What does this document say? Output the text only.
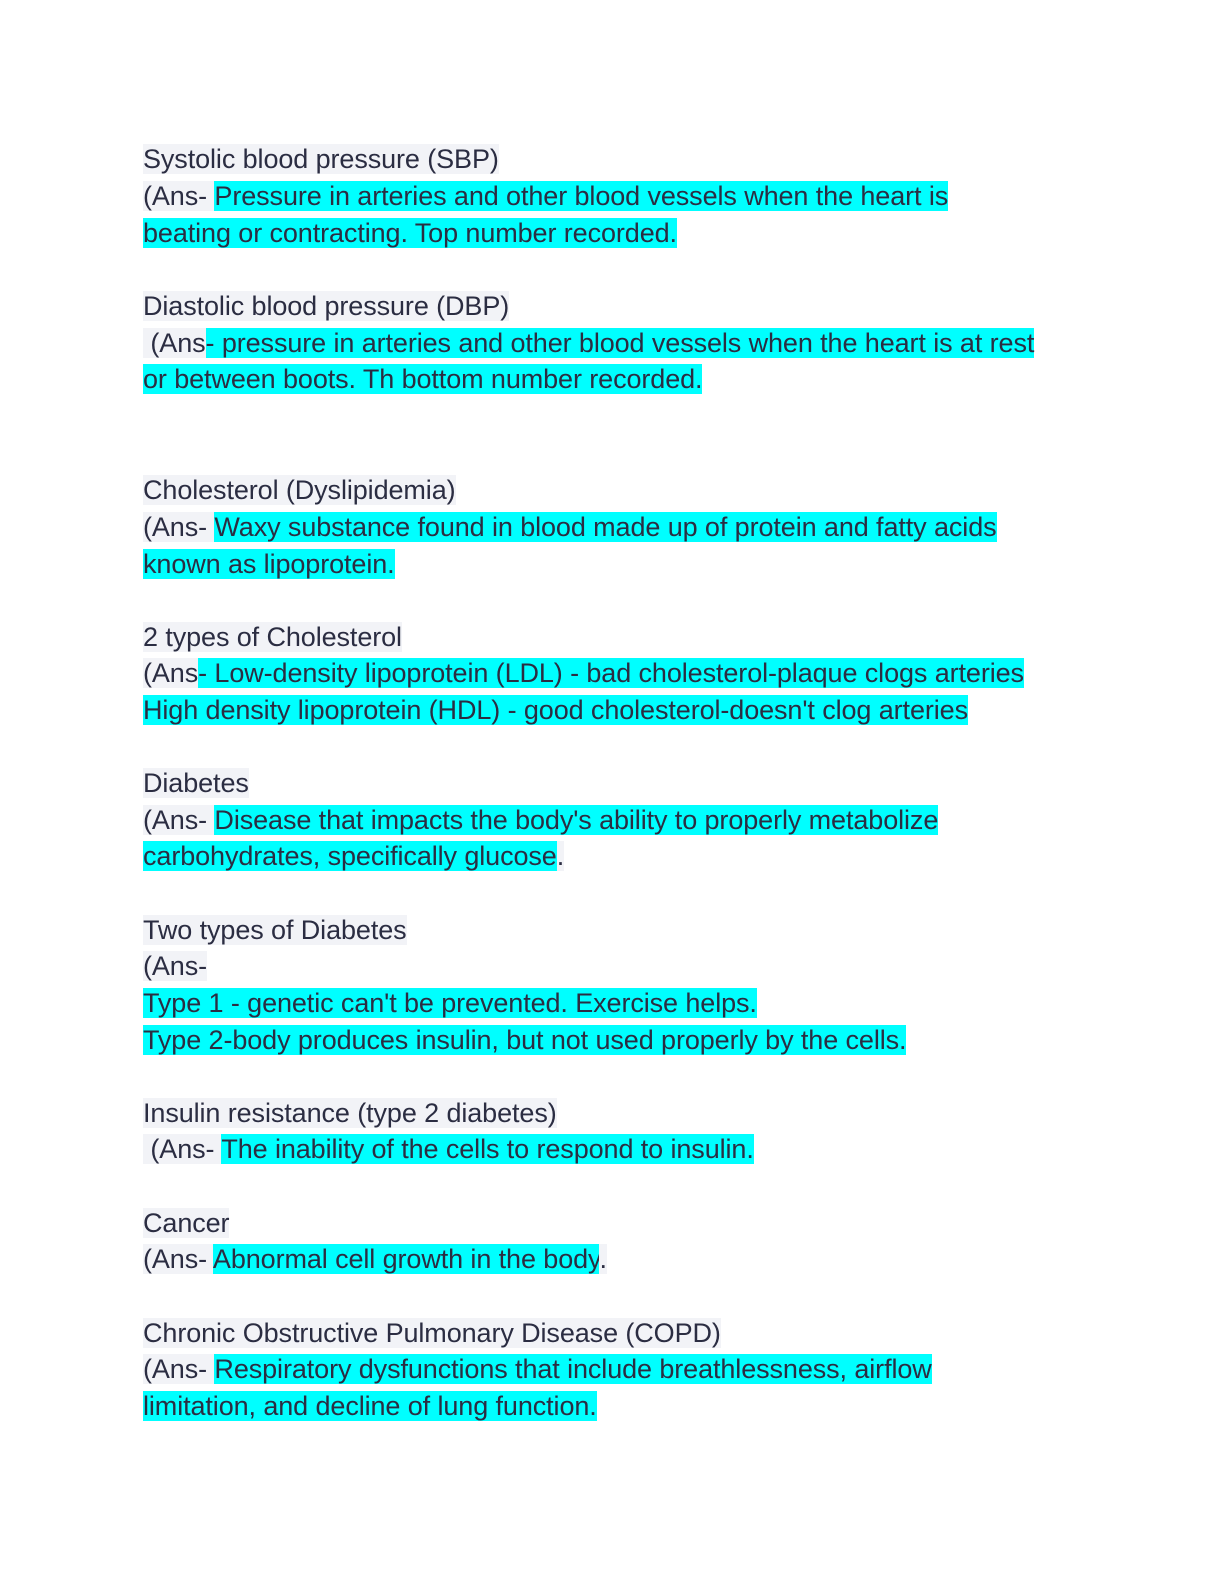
Systolic blood pressure (SBP)
(Ans- Pressure in arteries and other blood vessels when the heart is
beating or contracting. Top number recorded.
Diastolic blood pressure (DBP)
(Ans- pressure in arteries and other blood vessels when the heart is at rest
or between boots. Th bottom number recorded.
Cholesterol (Dyslipidemia)
(Ans- Waxy substance found in blood made up of protein and fatty acids
known as lipoprotein.
2 types of Cholesterol
(Ans- Low-density lipoprotein (LDL) - bad cholesterol-plaque clogs arteries
High density lipoprotein (HDL) - good cholesterol-doesn't clog arteries
Diabetes
(Ans- Disease that impacts the body's ability to properly metabolize
carbohydrates, specifically glucose.
Two types of Diabetes
(Ans-
Type 1 - genetic can't be prevented. Exercise helps.
Type 2-body produces insulin, but not used properly by the cells.
Insulin resistance (type 2 diabetes)
(Ans- The inability of the cells to respond to insulin.
Cancer
(Ans- Abnormal cell growth in the body.
Chronic Obstructive Pulmonary Disease (COPD)
(Ans- Respiratory dysfunctions that include breathlessness, airflow
limitation, and decline of lung function.
